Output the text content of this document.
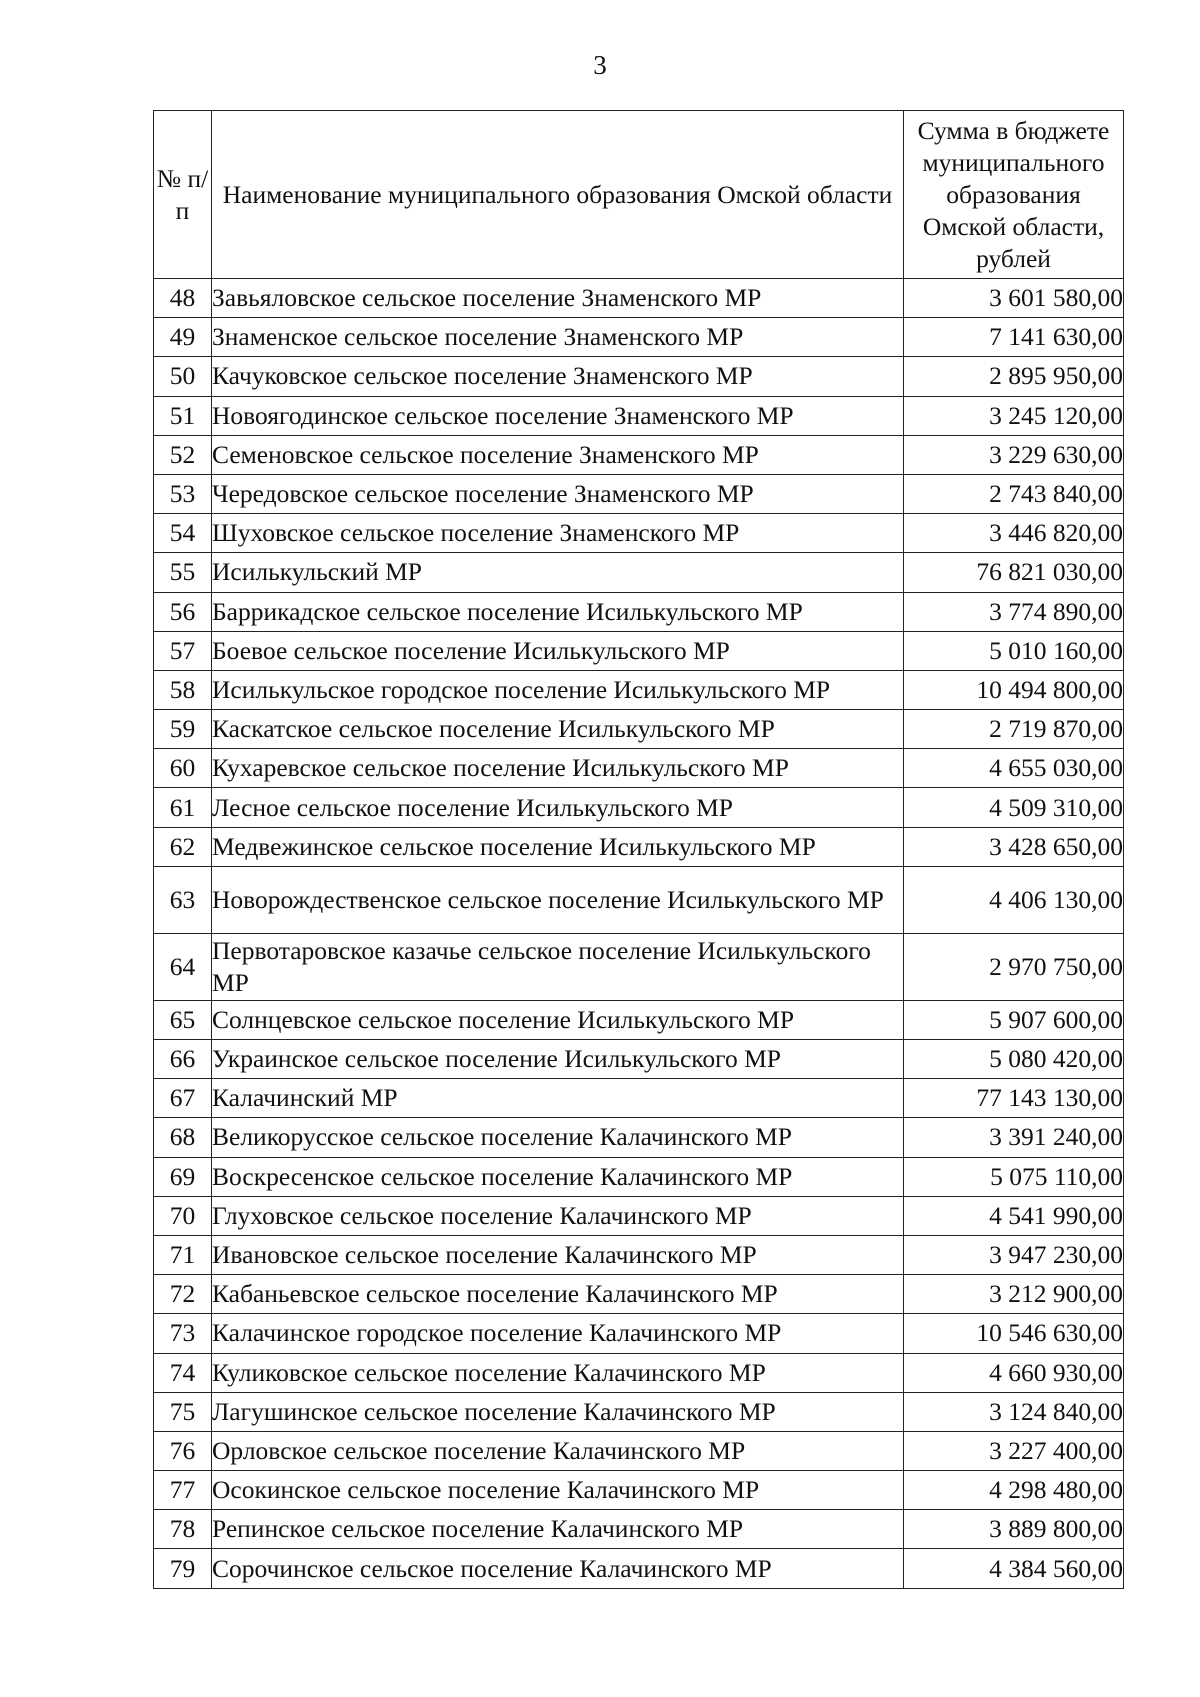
3
№ п/п	Наименование муниципального образования Омской области	Сумма в бюджете муниципального образования Омской области, рублей
48	Завьяловское сельское поселение Знаменского МР	3 601 580,00
49	Знаменское сельское поселение Знаменского МР	7 141 630,00
50	Качуковское сельское поселение Знаменского МР	2 895 950,00
51	Новоягодинское сельское поселение Знаменского МР	3 245 120,00
52	Семеновское сельское поселение Знаменского МР	3 229 630,00
53	Чередовское сельское поселение Знаменского МР	2 743 840,00
54	Шуховское сельское поселение Знаменского МР	3 446 820,00
55	Исилькульский МР	76 821 030,00
56	Баррикадское сельское поселение Исилькульского МР	3 774 890,00
57	Боевое сельское поселение Исилькульского МР	5 010 160,00
58	Исилькульское городское поселение Исилькульского МР	10 494 800,00
59	Каскатское сельское поселение Исилькульского МР	2 719 870,00
60	Кухаревское сельское поселение Исилькульского МР	4 655 030,00
61	Лесное сельское поселение Исилькульского МР	4 509 310,00
62	Медвежинское сельское поселение Исилькульского МР	3 428 650,00
63	Новорождественское сельское поселение Исилькульского МР	4 406 130,00
64	Первотаровское казачье сельское поселение Исилькульского МР	2 970 750,00
65	Солнцевское сельское поселение Исилькульского МР	5 907 600,00
66	Украинское сельское поселение Исилькульского МР	5 080 420,00
67	Калачинский МР	77 143 130,00
68	Великорусское сельское поселение Калачинского МР	3 391 240,00
69	Воскресенское сельское поселение Калачинского МР	5 075 110,00
70	Глуховское сельское поселение Калачинского МР	4 541 990,00
71	Ивановское сельское поселение Калачинского МР	3 947 230,00
72	Кабаньевское сельское поселение Калачинского МР	3 212 900,00
73	Калачинское городское поселение Калачинского МР	10 546 630,00
74	Куликовское сельское поселение Калачинского МР	4 660 930,00
75	Лагушинское сельское поселение Калачинского МР	3 124 840,00
76	Орловское сельское поселение Калачинского МР	3 227 400,00
77	Осокинское сельское поселение Калачинского МР	4 298 480,00
78	Репинское сельское поселение Калачинского МР	3 889 800,00
79	Сорочинское сельское поселение Калачинского МР	4 384 560,00
